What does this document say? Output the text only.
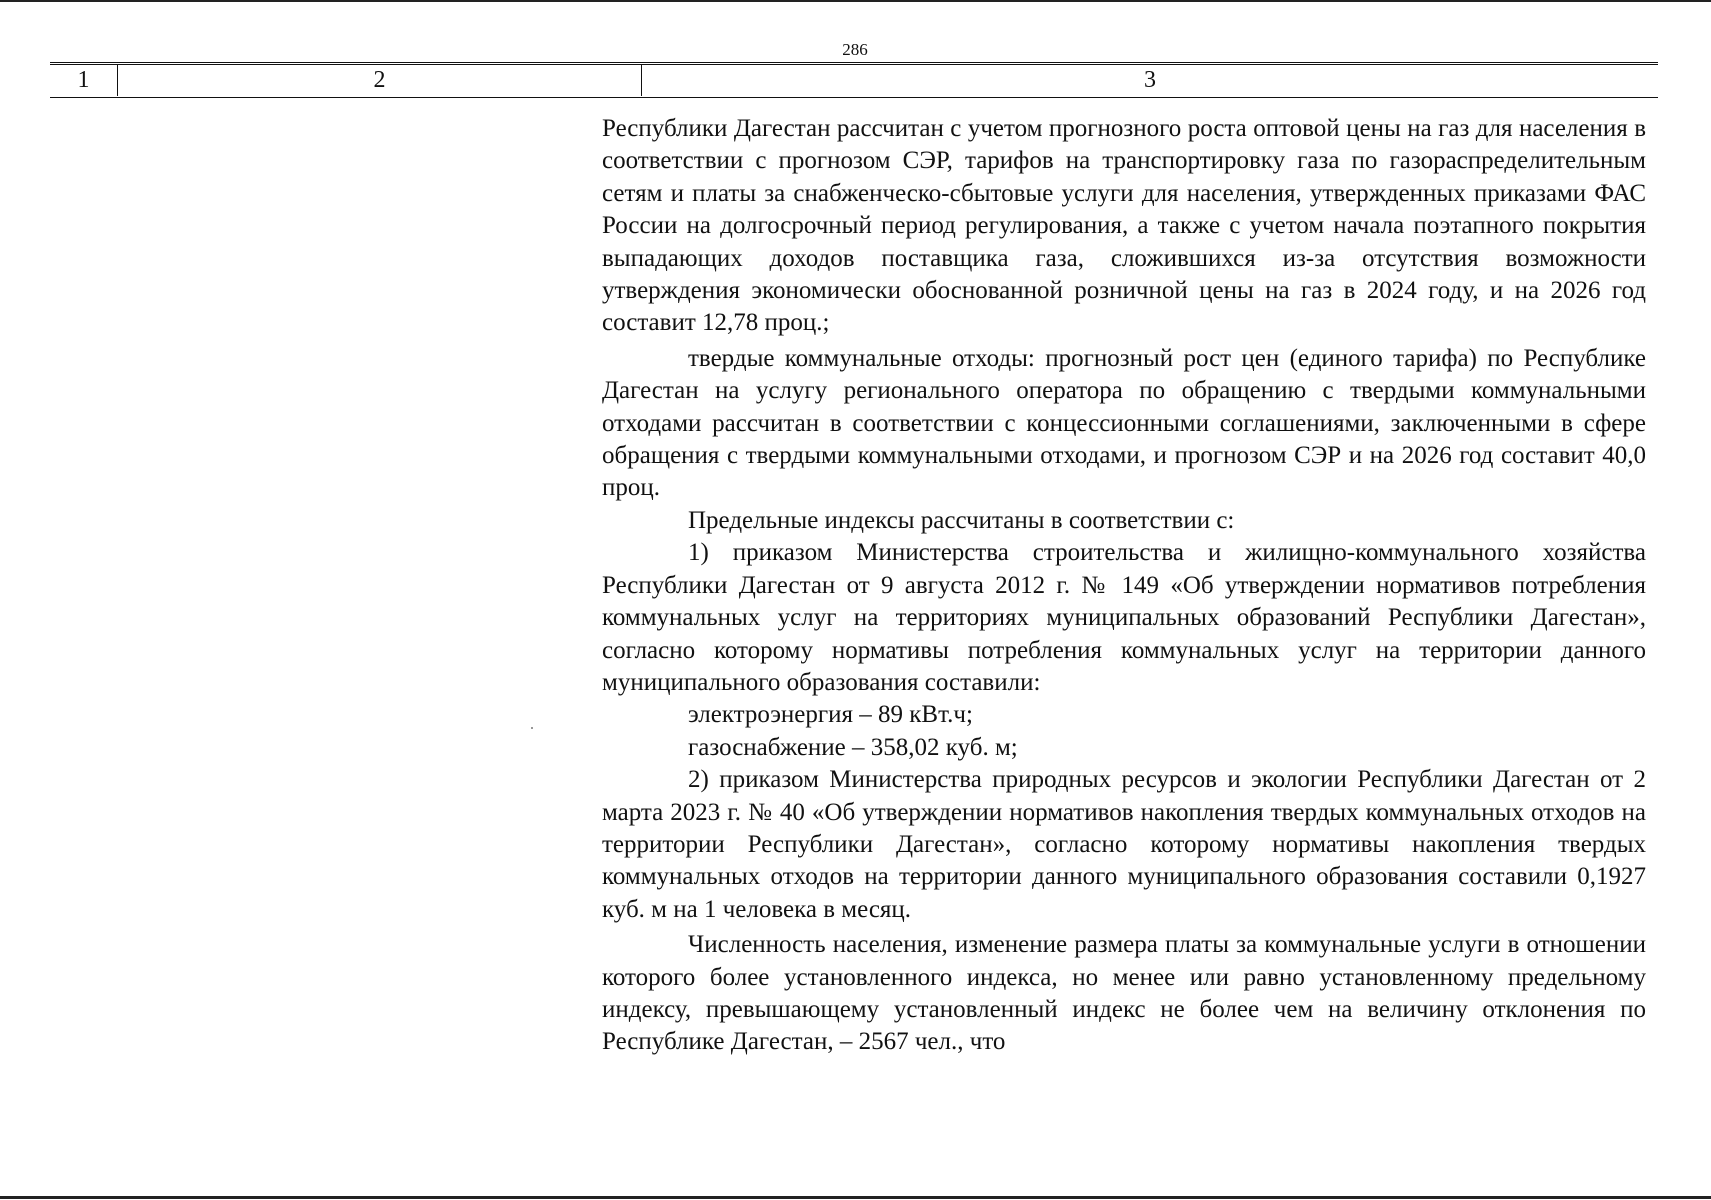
286
1	2	3

Республики Дагестан рассчитан с учетом прогнозного роста оптовой цены на газ для населения в соответствии с прогнозом СЭР, тарифов на транспортировку газа по газораспределительным сетям и платы за снабженческо-сбытовые услуги для населения, утвержденных приказами ФАС России на долгосрочный период регулирования, а также с учетом начала поэтапного покрытия выпадающих доходов поставщика газа, сложившихся из-за отсутствия возможности утверждения экономически обоснованной розничной цены на газ в 2024 году, и на 2026 год составит 12,78 проц.;

твердые коммунальные отходы: прогнозный рост цен (единого тарифа) по Республике Дагестан на услугу регионального оператора по обращению с твердыми коммунальными отходами рассчитан в соответствии с концессионными соглашениями, заключенными в сфере обращения с твердыми коммунальными отходами, и прогнозом СЭР и на 2026 год составит 40,0 проц.

Предельные индексы рассчитаны в соответствии с:

1) приказом Министерства строительства и жилищно-коммунального хозяйства Республики Дагестан от 9 августа 2012 г. № 149 «Об утверждении нормативов потребления коммунальных услуг на территориях муниципальных образований Республики Дагестан», согласно которому нормативы потребления коммунальных услуг на территории данного муниципального образования составили:

электроэнергия – 89 кВт.ч;

газоснабжение – 358,02 куб. м;

2) приказом Министерства природных ресурсов и экологии Республики Дагестан от 2 марта 2023 г. № 40 «Об утверждении нормативов накопления твердых коммунальных отходов на территории Республики Дагестан», согласно которому нормативы накопления твердых коммунальных отходов на территории данного муниципального образования составили 0,1927 куб. м на 1 человека в месяц.

Численность населения, изменение размера платы за коммунальные услуги в отношении которого более установленного индекса, но менее или равно установленному предельному индексу, превышающему установленный индекс не более чем на величину отклонения по Республике Дагестан, – 2567 чел., что
